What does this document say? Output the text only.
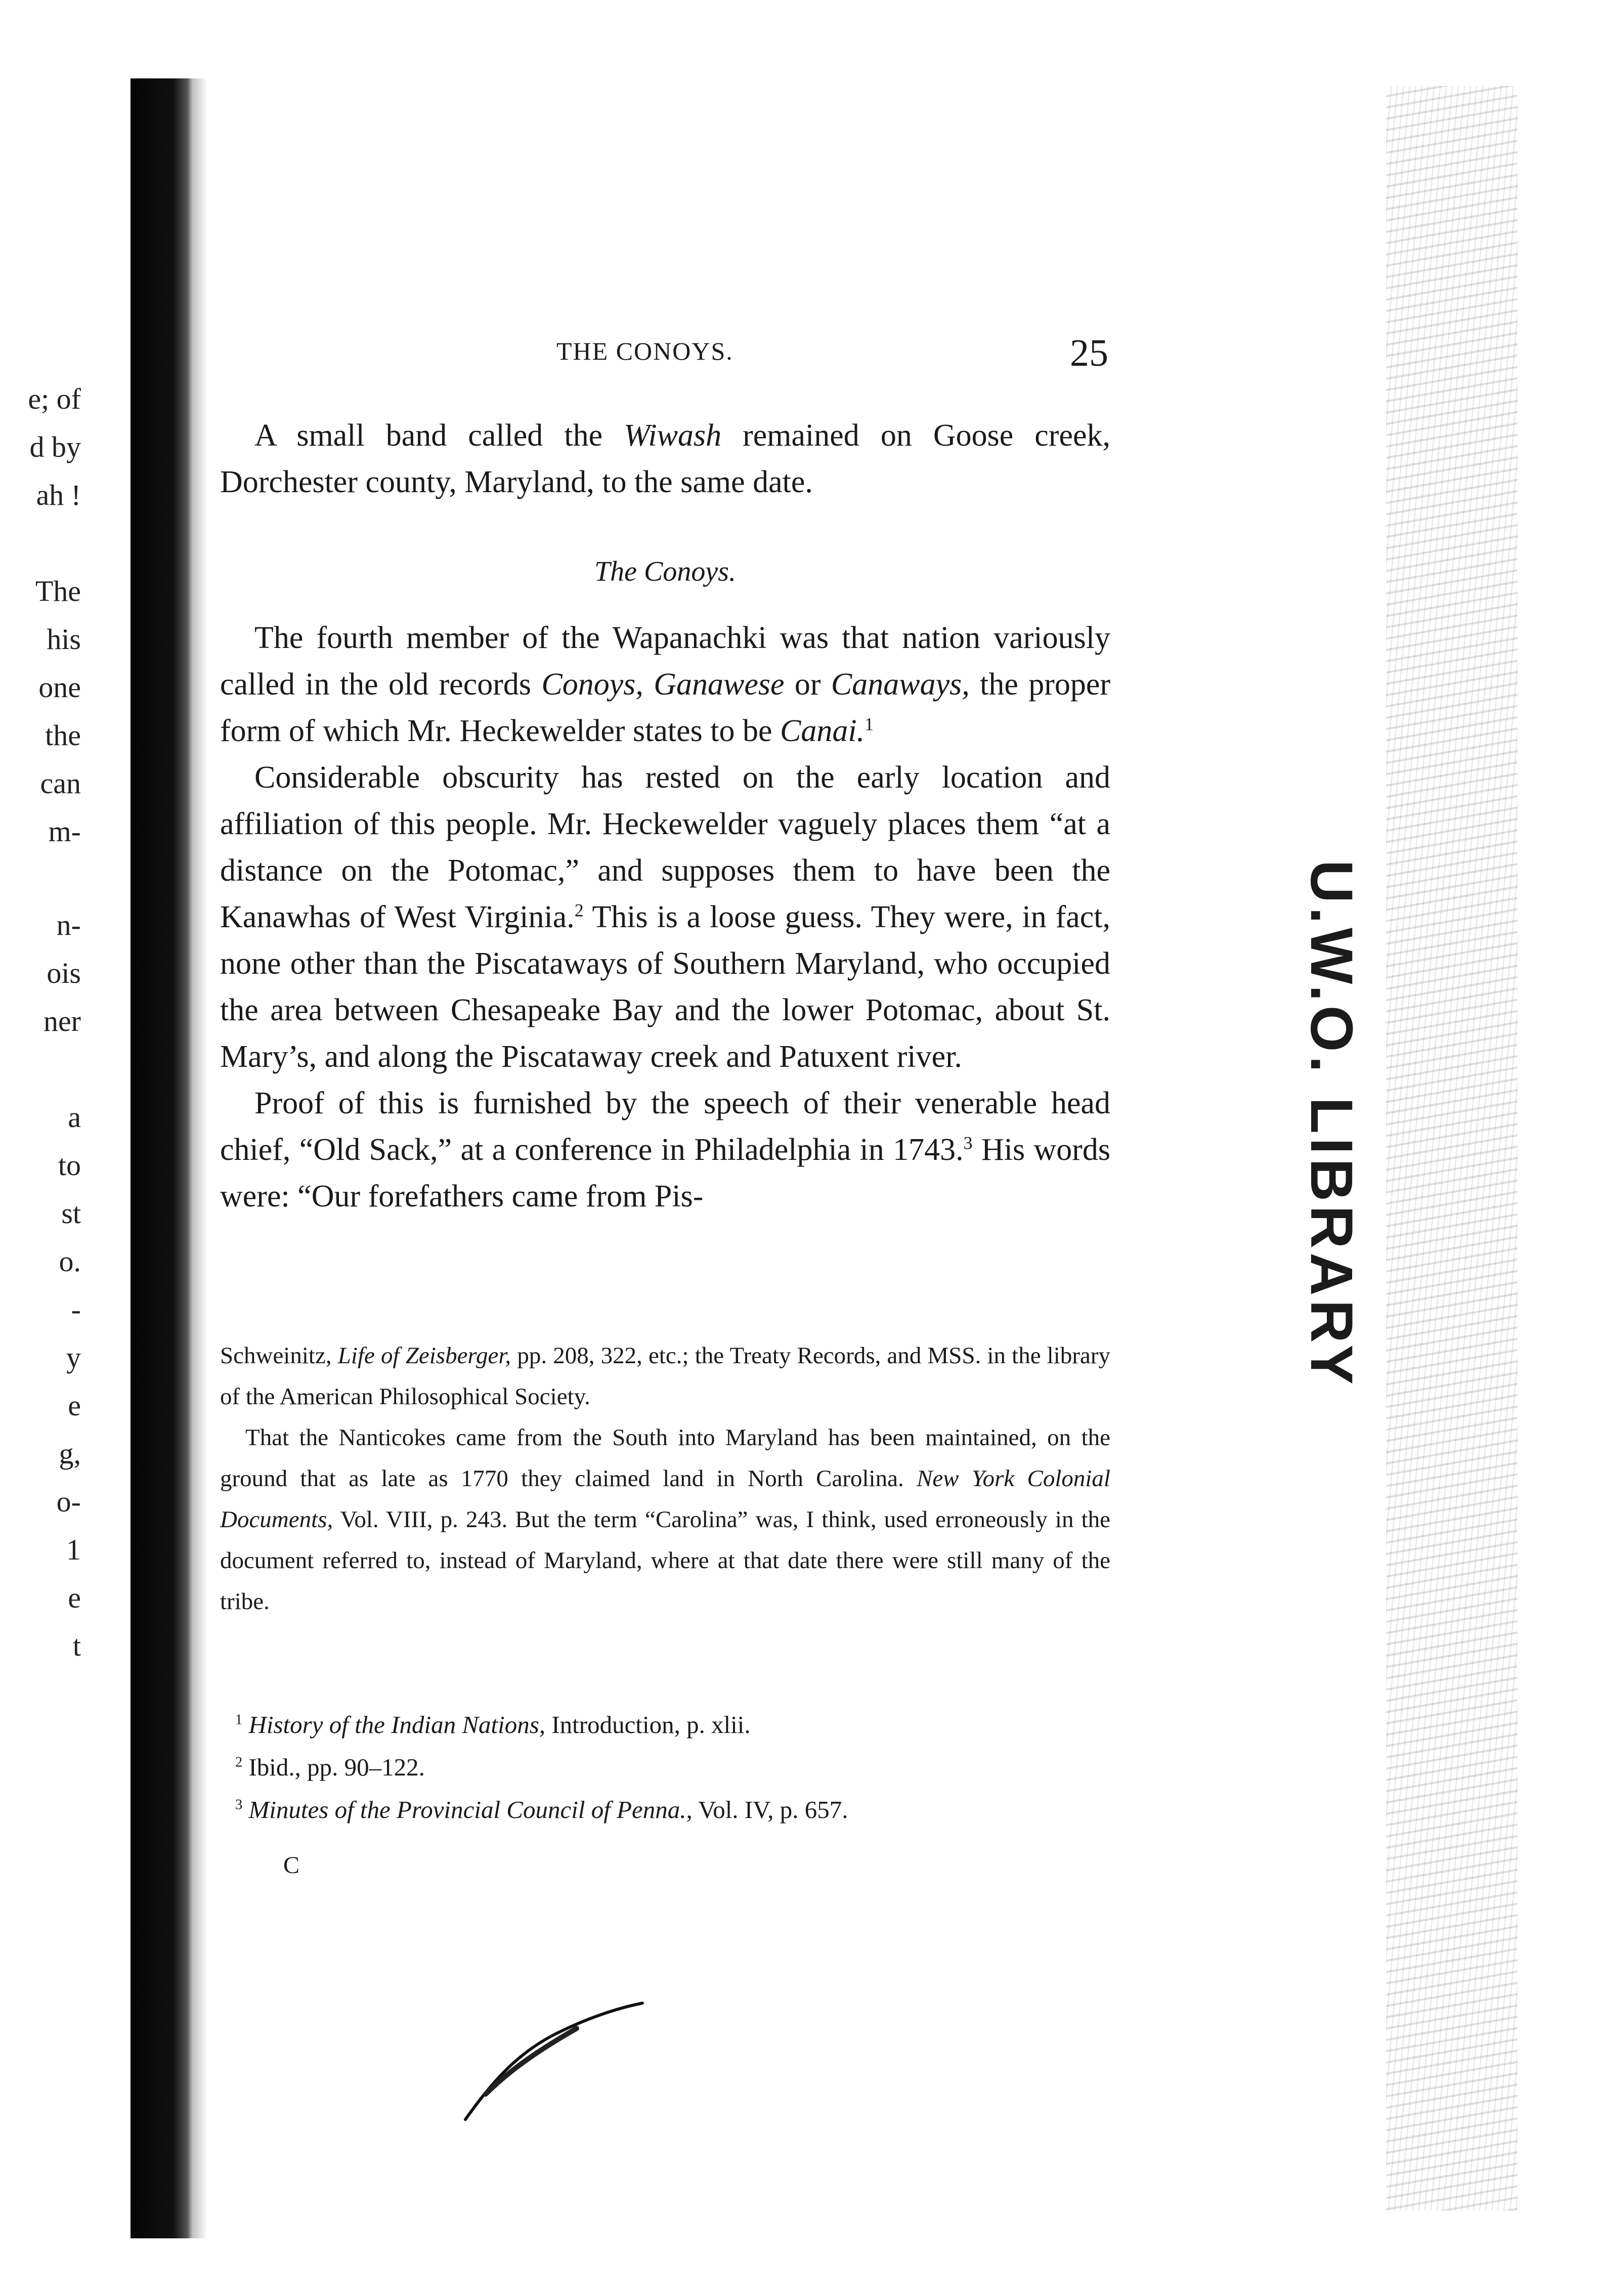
e; of
d by
ah !
The
his
one
the
can
m-
n-
ois
ner
a
to
st
o.
-
y
e
g,
o-
1
e
t
U.W.O. LIBRARY
THE CONOYS.	25

A small band called the Wiwash remained on Goose creek, Dorchester county, Maryland, to the same date.

The Conoys.

The fourth member of the Wapanachki was that nation variously called in the old records Conoys, Ganawese or Canaways, the proper form of which Mr. Heckewelder states to be Canai.$^1$

Considerable obscurity has rested on the early location and affiliation of this people. Mr. Heckewelder vaguely places them “at a distance on the Potomac,” and supposes them to have been the Kanawhas of West Virginia.$^2$ This is a loose guess. They were, in fact, none other than the Piscataways of Southern Maryland, who occupied the area between Chesapeake Bay and the lower Potomac, about St. Mary’s, and along the Piscataway creek and Patuxent river.

Proof of this is furnished by the speech of their venerable head chief, “Old Sack,” at a conference in Philadelphia in 1743.$^3$ His words were: “Our forefathers came from Pis-

Schweinitz, Life of Zeisberger, pp. 208, 322, etc.; the Treaty Records, and MSS. in the library of the American Philosophical Society.

That the Nanticokes came from the South into Maryland has been maintained, on the ground that as late as 1770 they claimed land in North Carolina. New York Colonial Documents, Vol. VIII, p. 243. But the term “Carolina” was, I think, used erroneously in the document referred to, instead of Maryland, where at that date there were still many of the tribe.

$^1$ History of the Indian Nations, Introduction, p. xlii.

$^2$ Ibid., pp. 90–122.

$^3$ Minutes of the Provincial Council of Penna., Vol. IV, p. 657.

C
